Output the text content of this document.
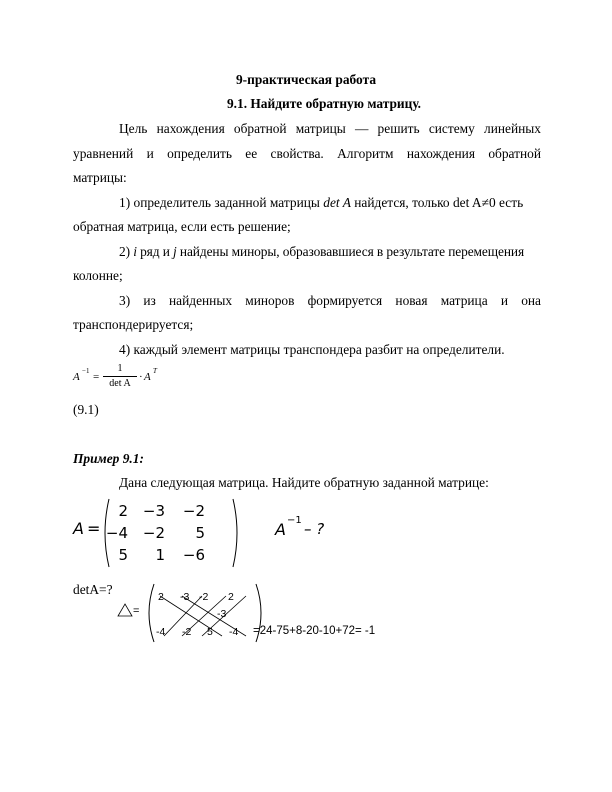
9-практическая работа
9.1. Найдите обратную матрицу.
Цель нахождения обратной матрицы — решить систему линейных
уравнений и определить ее свойства. Алгоритм нахождения обратной
матрицы:
1) определитель заданной матрицы det A найдется, только det A≠0 есть
обратная матрица, если есть решение;
2) i ряд и j найдены миноры, образовавшиеся в результате перемещения
колонне;
3) из найденных миноров формируется новая матрица и она
транспондерируется;
4) каждый элемент матрицы транспондера разбит на определители.
A −1 =
1
det A
· A T
(9.1)
Пример 9.1:
Дана следующая матрица. Найдите обратную заданной матрице:
A =
2 −3 −2
−4 −2	5
5	1 −6
A −1 – ?
detA=?
=
2 -3 -2 2
-3
-4 -2 5 -4 =24-75+8-20-10+72= -1
